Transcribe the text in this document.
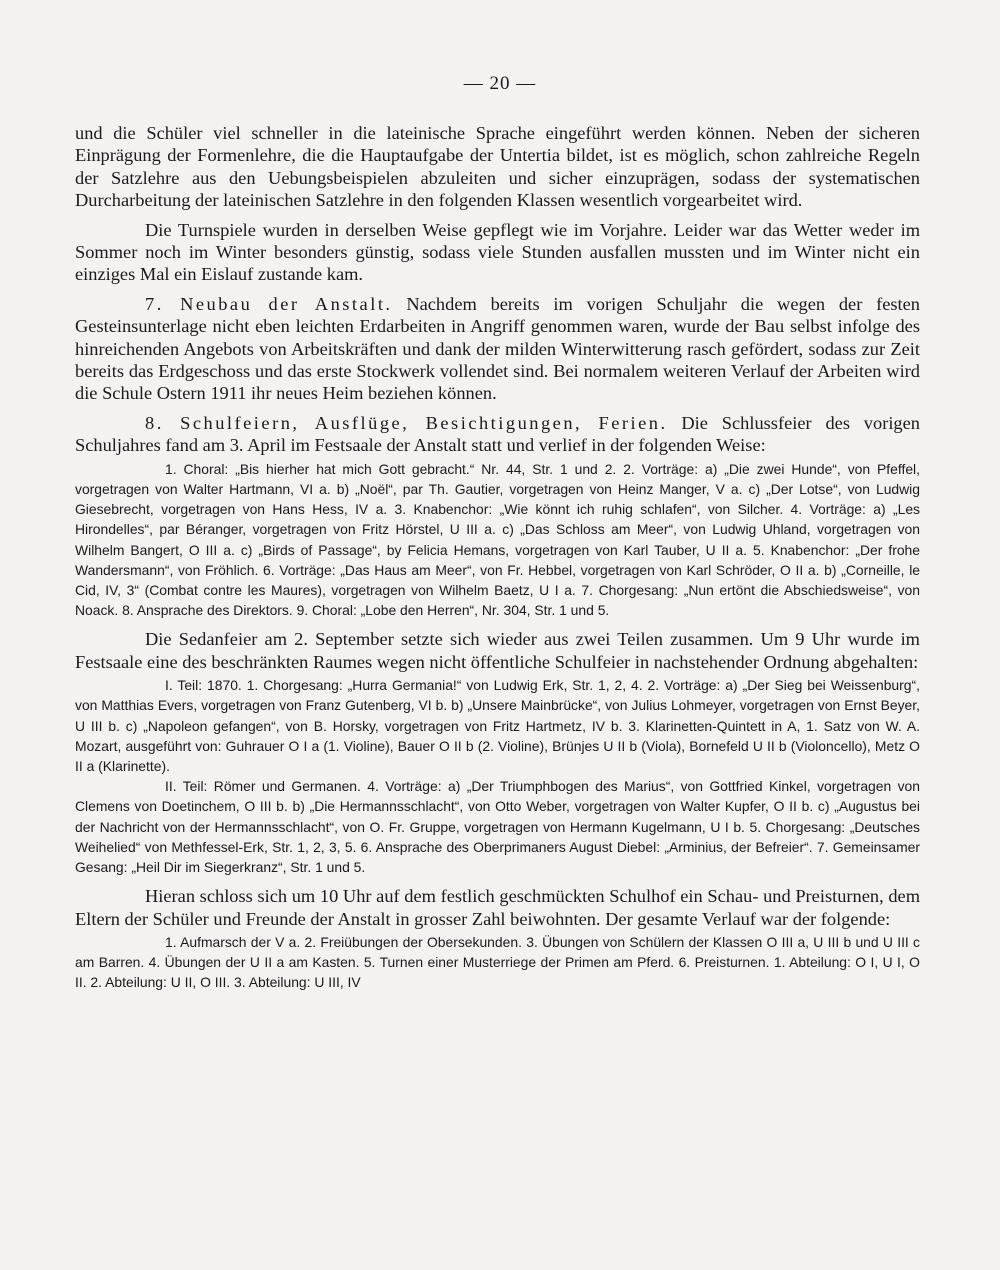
— 20 —

und die Schüler viel schneller in die lateinische Sprache eingeführt werden können. Neben der sicheren Einprägung der Formenlehre, die die Hauptaufgabe der Untertia bildet, ist es möglich, schon zahlreiche Regeln der Satzlehre aus den Uebungsbeispielen abzuleiten und sicher einzuprägen, sodass der systematischen Durcharbeitung der lateinischen Satzlehre in den folgenden Klassen wesentlich vorgearbeitet wird.

Die Turnspiele wurden in derselben Weise gepflegt wie im Vorjahre. Leider war das Wetter weder im Sommer noch im Winter besonders günstig, sodass viele Stunden ausfallen mussten und im Winter nicht ein einziges Mal ein Eislauf zustande kam.

7. Neubau der Anstalt. Nachdem bereits im vorigen Schuljahr die wegen der festen Gesteinsunterlage nicht eben leichten Erdarbeiten in Angriff genommen waren, wurde der Bau selbst infolge des hinreichenden Angebots von Arbeitskräften und dank der milden Winterwitterung rasch gefördert, sodass zur Zeit bereits das Erdgeschoss und das erste Stockwerk vollendet sind. Bei normalem weiteren Verlauf der Arbeiten wird die Schule Ostern 1911 ihr neues Heim beziehen können.

8. Schulfeiern, Ausflüge, Besichtigungen, Ferien. Die Schlussfeier des vorigen Schuljahres fand am 3. April im Festsaale der Anstalt statt und verlief in der folgenden Weise:

1. Choral: „Bis hierher hat mich Gott gebracht.“ Nr. 44, Str. 1 und 2. 2. Vorträge: a) „Die zwei Hunde“, von Pfeffel, vorgetragen von Walter Hartmann, VI a. b) „Noël“, par Th. Gautier, vorgetragen von Heinz Manger, V a. c) „Der Lotse“, von Ludwig Giesebrecht, vorgetragen von Hans Hess, IV a. 3. Knabenchor: „Wie könnt ich ruhig schlafen“, von Silcher. 4. Vorträge: a) „Les Hirondelles“, par Béranger, vorgetragen von Fritz Hörstel, U III a. c) „Das Schloss am Meer“, von Ludwig Uhland, vorgetragen von Wilhelm Bangert, O III a. c) „Birds of Passage“, by Felicia Hemans, vorgetragen von Karl Tauber, U II a. 5. Knabenchor: „Der frohe Wandersmann“, von Fröhlich. 6. Vorträge: „Das Haus am Meer“, von Fr. Hebbel, vorgetragen von Karl Schröder, O II a. b) „Corneille, le Cid, IV, 3“ (Combat contre les Maures), vorgetragen von Wilhelm Baetz, U I a. 7. Chorgesang: „Nun ertönt die Abschiedsweise“, von Noack. 8. Ansprache des Direktors. 9. Choral: „Lobe den Herren“, Nr. 304, Str. 1 und 5.

Die Sedanfeier am 2. September setzte sich wieder aus zwei Teilen zusammen. Um 9 Uhr wurde im Festsaale eine des beschränkten Raumes wegen nicht öffentliche Schulfeier in nachstehender Ordnung abgehalten:

I. Teil: 1870. 1. Chorgesang: „Hurra Germania!“ von Ludwig Erk, Str. 1, 2, 4. 2. Vorträge: a) „Der Sieg bei Weissenburg“, von Matthias Evers, vorgetragen von Franz Gutenberg, VI b. b) „Unsere Mainbrücke“, von Julius Lohmeyer, vorgetragen von Ernst Beyer, U III b. c) „Napoleon gefangen“, von B. Horsky, vorgetragen von Fritz Hartmetz, IV b. 3. Klarinetten-Quintett in A, 1. Satz von W. A. Mozart, ausgeführt von: Guhrauer O I a (1. Violine), Bauer O II b (2. Violine), Brünjes U II b (Viola), Bornefeld U II b (Violoncello), Metz O II a (Klarinette).

II. Teil: Römer und Germanen. 4. Vorträge: a) „Der Triumphbogen des Marius“, von Gottfried Kinkel, vorgetragen von Clemens von Doetinchem, O III b. b) „Die Hermannsschlacht“, von Otto Weber, vorgetragen von Walter Kupfer, O II b. c) „Augustus bei der Nachricht von der Hermannsschlacht“, von O. Fr. Gruppe, vorgetragen von Hermann Kugelmann, U I b. 5. Chorgesang: „Deutsches Weihelied“ von Methfessel-Erk, Str. 1, 2, 3, 5. 6. Ansprache des Oberprimaners August Diebel: „Arminius, der Befreier“. 7. Gemeinsamer Gesang: „Heil Dir im Siegerkranz“, Str. 1 und 5.

Hieran schloss sich um 10 Uhr auf dem festlich geschmückten Schulhof ein Schau- und Preisturnen, dem Eltern der Schüler und Freunde der Anstalt in grosser Zahl beiwohnten. Der gesamte Verlauf war der folgende:

1. Aufmarsch der V a. 2. Freiübungen der Obersekunden. 3. Übungen von Schülern der Klassen O III a, U III b und U III c am Barren. 4. Übungen der U II a am Kasten. 5. Turnen einer Musterriege der Primen am Pferd. 6. Preisturnen. 1. Abteilung: O I, U I, O II. 2. Abteilung: U II, O III. 3. Abteilung: U III, IV
